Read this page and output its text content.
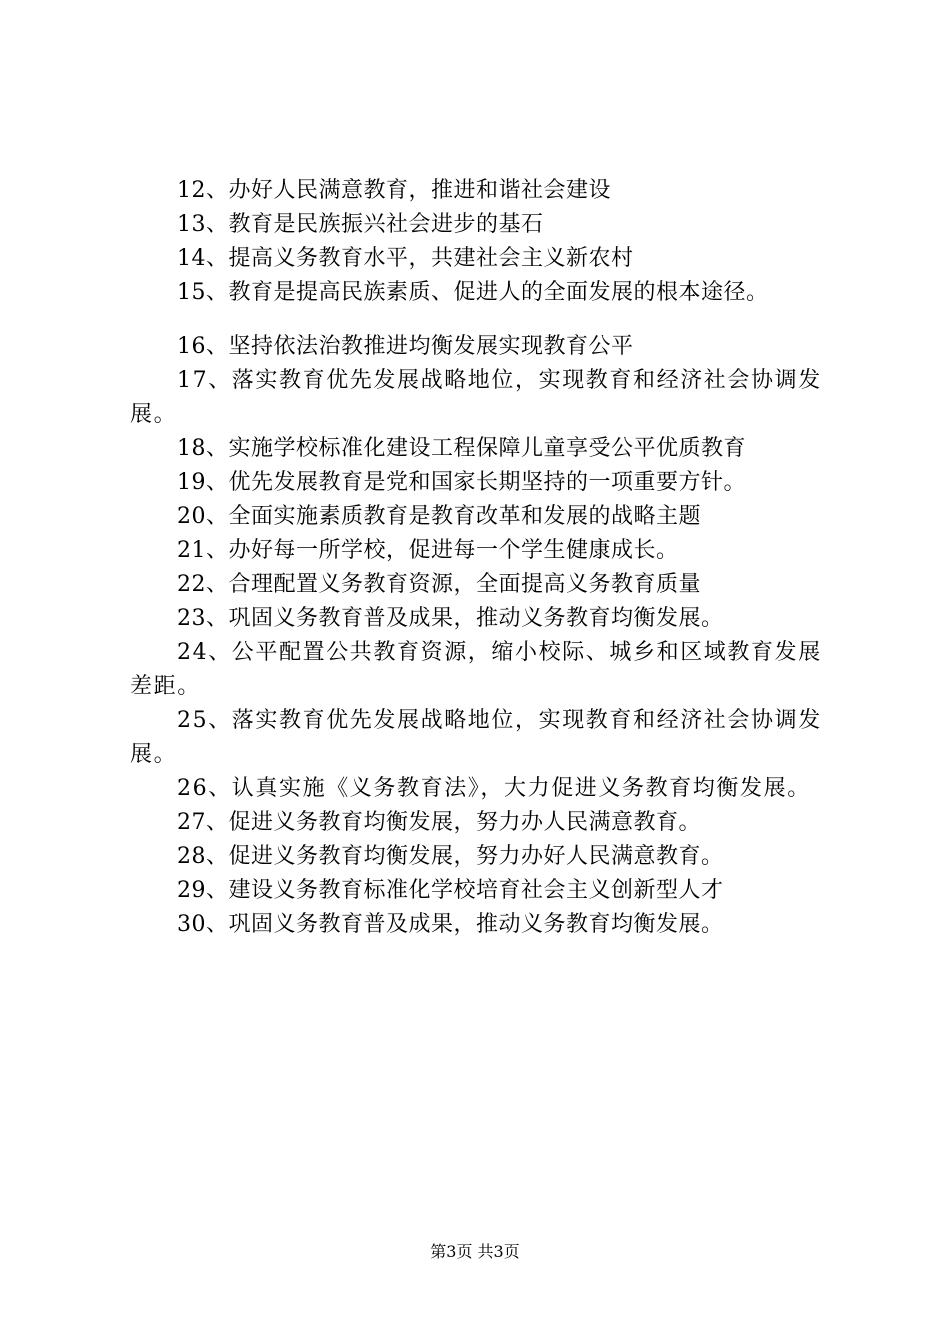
12、办好人民满意教育，推进和谐社会建设

13、教育是民族振兴社会进步的基石

14、提高义务教育水平，共建社会主义新农村

15、教育是提高民族素质、促进人的全面发展的根本途径。

16、坚持依法治教推进均衡发展实现教育公平

17、落实教育优先发展战略地位，实现教育和经济社会协调发展。

18、实施学校标准化建设工程保障儿童享受公平优质教育

19、优先发展教育是党和国家长期坚持的一项重要方针。

20、全面实施素质教育是教育改革和发展的战略主题

21、办好每一所学校，促进每一个学生健康成长。

22、合理配置义务教育资源，全面提高义务教育质量

23、巩固义务教育普及成果，推动义务教育均衡发展。

24、公平配置公共教育资源，缩小校际、城乡和区域教育发展差距。

25、落实教育优先发展战略地位，实现教育和经济社会协调发展。

26、认真实施《义务教育法》，大力促进义务教育均衡发展。

27、促进义务教育均衡发展，努力办人民满意教育。

28、促进义务教育均衡发展，努力办好人民满意教育。

29、建设义务教育标准化学校培育社会主义创新型人才

30、巩固义务教育普及成果，推动义务教育均衡发展。

第3页 共3页
